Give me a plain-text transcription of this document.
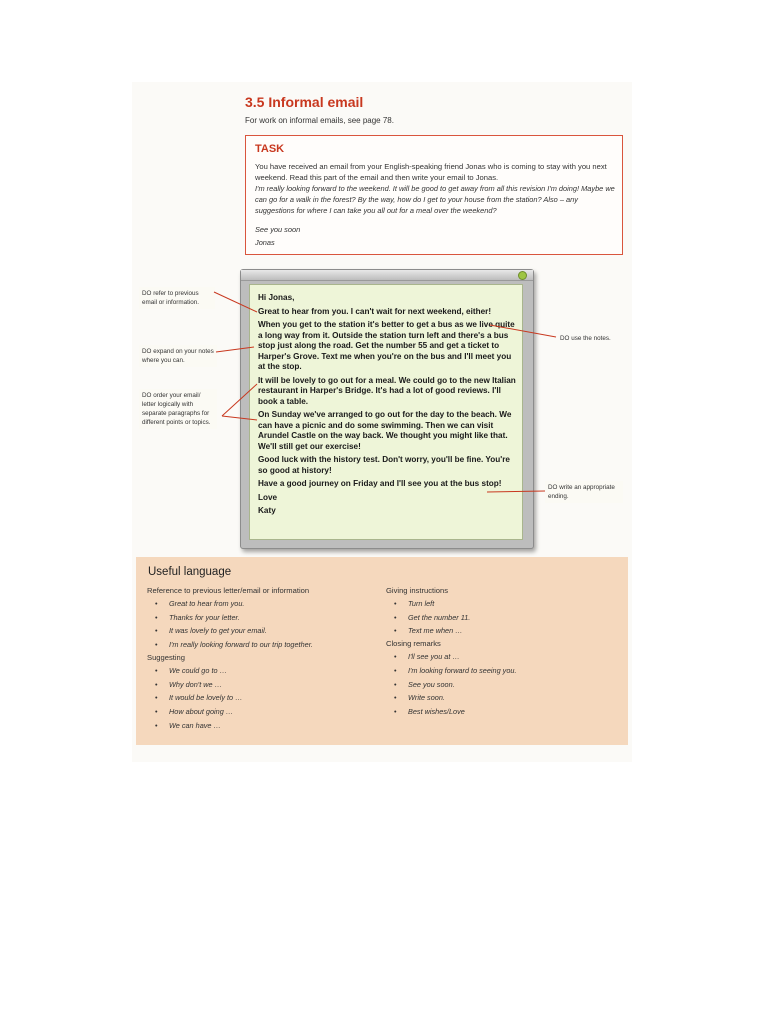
3.5 Informal email
For work on informal emails, see page 78.
TASK
You have received an email from your English-speaking friend Jonas who is coming to stay with you next weekend. Read this part of the email and then write your email to Jonas.
I'm really looking forward to the weekend. It will be good to get away from all this revision I'm doing! Maybe we can go for a walk in the forest? By the way, how do I get to your house from the station? Also – any suggestions for where I can take you all out for a meal over the weekend?
See you soon
Jonas

Hi Jonas,

Great to hear from you. I can't wait for next weekend, either!

When you get to the station it's better to get a bus as we live quite a long way from it. Outside the station turn left and there's a bus stop just along the road. Get the number 55 and get a ticket to Harper's Grove. Text me when you're on the bus and I'll meet you at the stop.

It will be lovely to go out for a meal. We could go to the new Italian restaurant in Harper's Bridge. It's had a lot of good reviews. I'll book a table.

On Sunday we've arranged to go out for the day to the beach. We can have a picnic and do some swimming. Then we can visit Arundel Castle on the way back. We thought you might like that. We'll still get our exercise!

Good luck with the history test. Don't worry, you'll be fine. You're so good at history!

Have a good journey on Friday and I'll see you at the bus stop!

Love

Katy

DO refer to previous email or information.
DO expand on your notes where you can.
DO order your email/ letter logically with separate paragraphs for different points or topics.
DO use the notes.
DO write an appropriate ending.
Useful language
Reference to previous letter/email or information
• Great to hear from you.
• Thanks for your letter.
• It was lovely to get your email.
• I'm really looking forward to our trip together.
Suggesting
• We could go to …
• Why don't we …
• It would be lovely to …
• How about going …
• We can have …
Giving instructions
• Turn left
• Get the number 11.
• Text me when …
Closing remarks
• I'll see you at …
• I'm looking forward to seeing you.
• See you soon.
• Write soon.
• Best wishes/Love
